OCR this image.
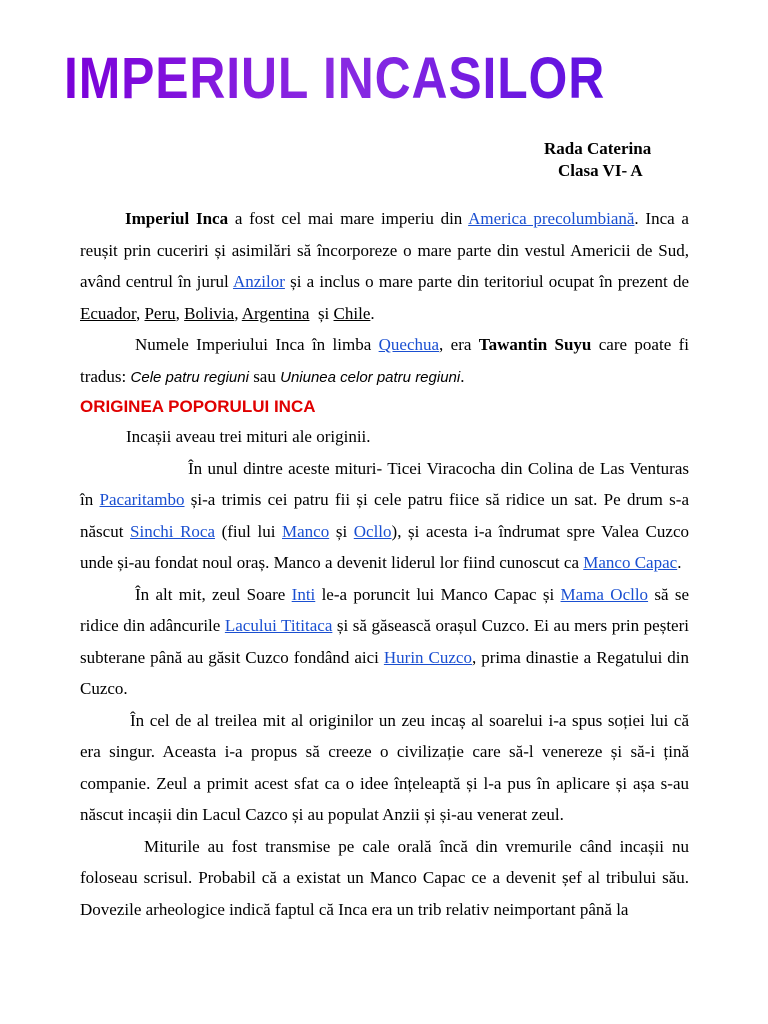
IMPERIUL INCASILOR
Rada Caterina
Clasa VI- A

Imperiul Inca a fost cel mai mare imperiu din America precolumbiană. Inca a reușit prin cuceriri și asimilări să încorporeze o mare parte din vestul Americii de Sud, având centrul în jurul Anzilor și a inclus o mare parte din teritoriul ocupat în prezent de Ecuador, Peru, Bolivia, Argentina  și Chile.

Numele Imperiului Inca în limba Quechua, era Tawantin Suyu care poate fi tradus: Cele patru regiuni sau Uniunea celor patru regiuni.

ORIGINEA POPORULUI INCA

Incașii aveau trei mituri ale originii.

În unul dintre aceste mituri- Ticei Viracocha din Colina de Las Venturas în Pacaritambo și-a trimis cei patru fii și cele patru fiice să ridice un sat. Pe drum s-a născut Sinchi Roca (fiul lui Manco și Ocllo), și acesta i-a îndrumat spre Valea Cuzco unde și-au fondat noul oraș. Manco a devenit liderul lor fiind cunoscut ca Manco Capac.

În alt mit, zeul Soare Inti le-a poruncit lui Manco Capac și Mama Ocllo să se ridice din adâncurile Lacului Tititaca și să găsească orașul Cuzco. Ei au mers prin peșteri subterane până au găsit Cuzco fondând aici Hurin Cuzco, prima dinastie a Regatului din Cuzco.

În cel de al treilea mit al originilor un zeu incaș al soarelui i-a spus soției lui că era singur. Aceasta i-a propus să creeze o civilizație care să-l venereze și să-i țină companie. Zeul a primit acest sfat ca o idee înțeleaptă și l-a pus în aplicare și așa s-au născut incașii din Lacul Cazco și au populat Anzii și și-au venerat zeul.

Miturile au fost transmise pe cale orală încă din vremurile când incașii nu foloseau scrisul. Probabil că a existat un Manco Capac ce a devenit șef al tribului său. Dovezile arheologice indică faptul că Inca era un trib relativ neimportant până la
